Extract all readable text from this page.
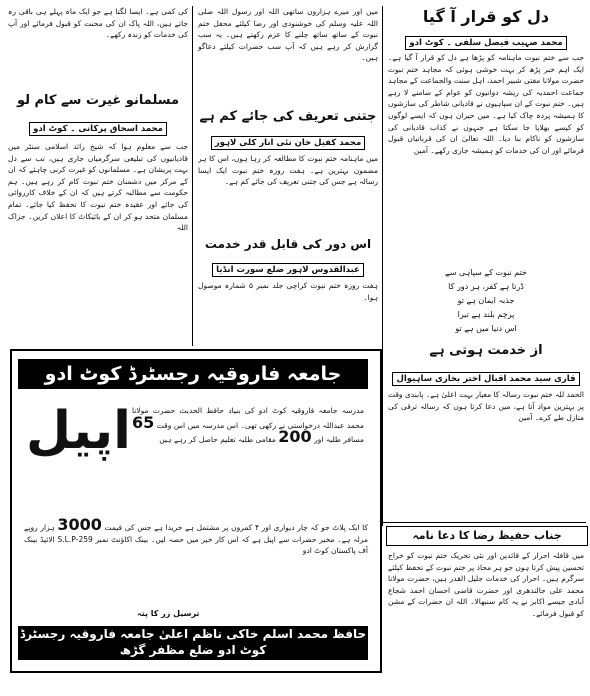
دل کو قرار آ گیا
محمد صہیب فیصل سلفی ۔ کوٹ ادو
جب سے ختم نبوت ماہنامہ کو پڑھا ہے دل کو قرار آ گیا ہے۔ ایک اہم خبر پڑھ کر بہت خوشی ہوئی کہ مجاہد ختم نبوت حضرت مولانا مفتی شبیر احمد، اہل سنت والجماعت کے مجاہد جماعت احمدیہ کی ریشہ دوانیوں کو عوام کے سامنے لا رہے ہیں۔ ختم نبوت کے ان سپاہیوں نے قادیانی شاطر کی سازشوں کا ہمیشہ پردہ چاک کیا ہے۔ میں حیران ہوں کہ ایسے لوگوں کو کیسے بھلایا جا سکتا ہے جنہوں نے کذاب قادیانی کی سازشوں کو ناکام بنا دیا۔ اللہ تعالیٰ ان کی قربانیاں قبول فرمائے اور ان کی خدمات کو ہمیشہ جاری رکھے۔ آمین
ختم نبوت کے سپاہی سے
ڈرتا ہے کفر، ہر دور کا
جذبہ ایمان ہے تو
پرچم بلند ہے تیرا
اس دنیا میں ہے تو
از خدمت ہوتی ہے
قاری سید محمد اقبال اختر بخاری ساہیوال
الحمد للہ ختم نبوت رسالہ کا معیار بہت اعلیٰ ہے۔ پابندی وقت پر بہترین مواد آتا ہے، میں دعا کرتا ہوں کہ رسالہ ترقی کی منازل طے کرے۔ آمین
میں اور میرے ہزاروں ساتھی اللہ اور رسول اللہ صلی اللہ علیہ وسلم کی خوشنودی اور رضا کیلئے محفل ختم نبوت کے ساتھ ساتھ چلنے کا عزم رکھتے ہیں۔ یہ سب گزارش کر رہے ہیں کہ آپ سب حضرات کیلئے دعاگو ہیں۔
جتنی تعریف کی جائے کم ہے
محمد کفیل خان نئی انار کلی لاہور
میں ماہنامہ ختم نبوت کا مطالعہ کر رہا ہوں، اس کا ہر مضمون بہترین ہے۔ ہفت روزہ ختم نبوت ایک ایسا رسالہ ہے جس کی جتنی تعریف کی جائے کم ہے۔
اس دور کی قابل قدر خدمت
عبدالقدوس لاہور ضلع سورت انڈیا
ہفت روزہ ختم نبوت کراچی جلد نمبر ۵ شمارہ موصول ہوا۔
کی کمی ہے۔ ایسا لگتا ہے جو ایک ماہ پہلے ہی باقی رہ جاتے ہیں، اللہ پاک ان کی محنت کو قبول فرمائے اور آپ کی خدمات کو زندہ رکھے۔
مسلمانو غیرت سے کام لو
محمد اسحاق پرکانی ۔ کوٹ ادو
جب سے معلوم ہوا کہ شیخ زائد اسلامی سنٹر میں قادیانیوں کی تبلیغی سرگرمیاں جاری ہیں، تب سے دل بہت پریشان ہے۔ مسلمانوں کو غیرت کرنی چاہئے کہ ان کے مرکز میں دشمنان ختم نبوت کام کر رہے ہیں۔ ہم حکومت سے مطالبہ کرتے ہیں کہ ان کے خلاف کارروائی کی جائے اور عقیدہ ختم نبوت کا تحفظ کیا جائے۔ تمام مسلمان متحد ہو کر ان کے بائیکاٹ کا اعلان کریں۔ جزاک اللہ
جامعہ فاروقیہ رجسٹرڈ کوٹ ادو
اپیل مدرسہ جامعہ فاروقیہ کوٹ ادو کی بنیاد حافظ الحدیث حضرت مولانا محمد عبداللہ درخواستی نے رکھی تھی۔ اس مدرسہ میں اس وقت 65 مسافر طلبہ اور 200 مقامی طلبہ تعلیم حاصل کر رہے ہیں
کا ایک پلاٹ جو کہ چار دیواری اور ۴ کمروں پر مشتمل ہے خریدا ہے جس کی قیمت 3000 ہزار روپے مرلہ ہے۔ مخیر حضرات سے اپیل ہے کہ اس کار خیر میں حصہ لیں۔ بینک اکاؤنٹ نمبر 259-S.L.P الائیڈ بینک آف پاکستان کوٹ ادو
ترسیل زر کا پتہ
حافظ محمد اسلم خاکی ناظم اعلیٰ جامعہ فاروقیہ رجسٹرڈ کوٹ ادو ضلع مظفر گڑھ
جناب حفیظ رضا کا دعا نامہ
میں قافلہ احرار کے قائدین اور نئی تحریک ختم نبوت کو خراج تحسین پیش کرتا ہوں جو ہر محاذ پر ختم نبوت کے تحفظ کیلئے سرگرم ہیں۔ احرار کی خدمات جلیل القدر ہیں، حضرت مولانا محمد علی جالندھری اور حضرت قاضی احسان احمد شجاع آبادی جیسے اکابر نے یہ کام سنبھالا۔ اللہ ان حضرات کے مشن کو قبول فرمائے۔
